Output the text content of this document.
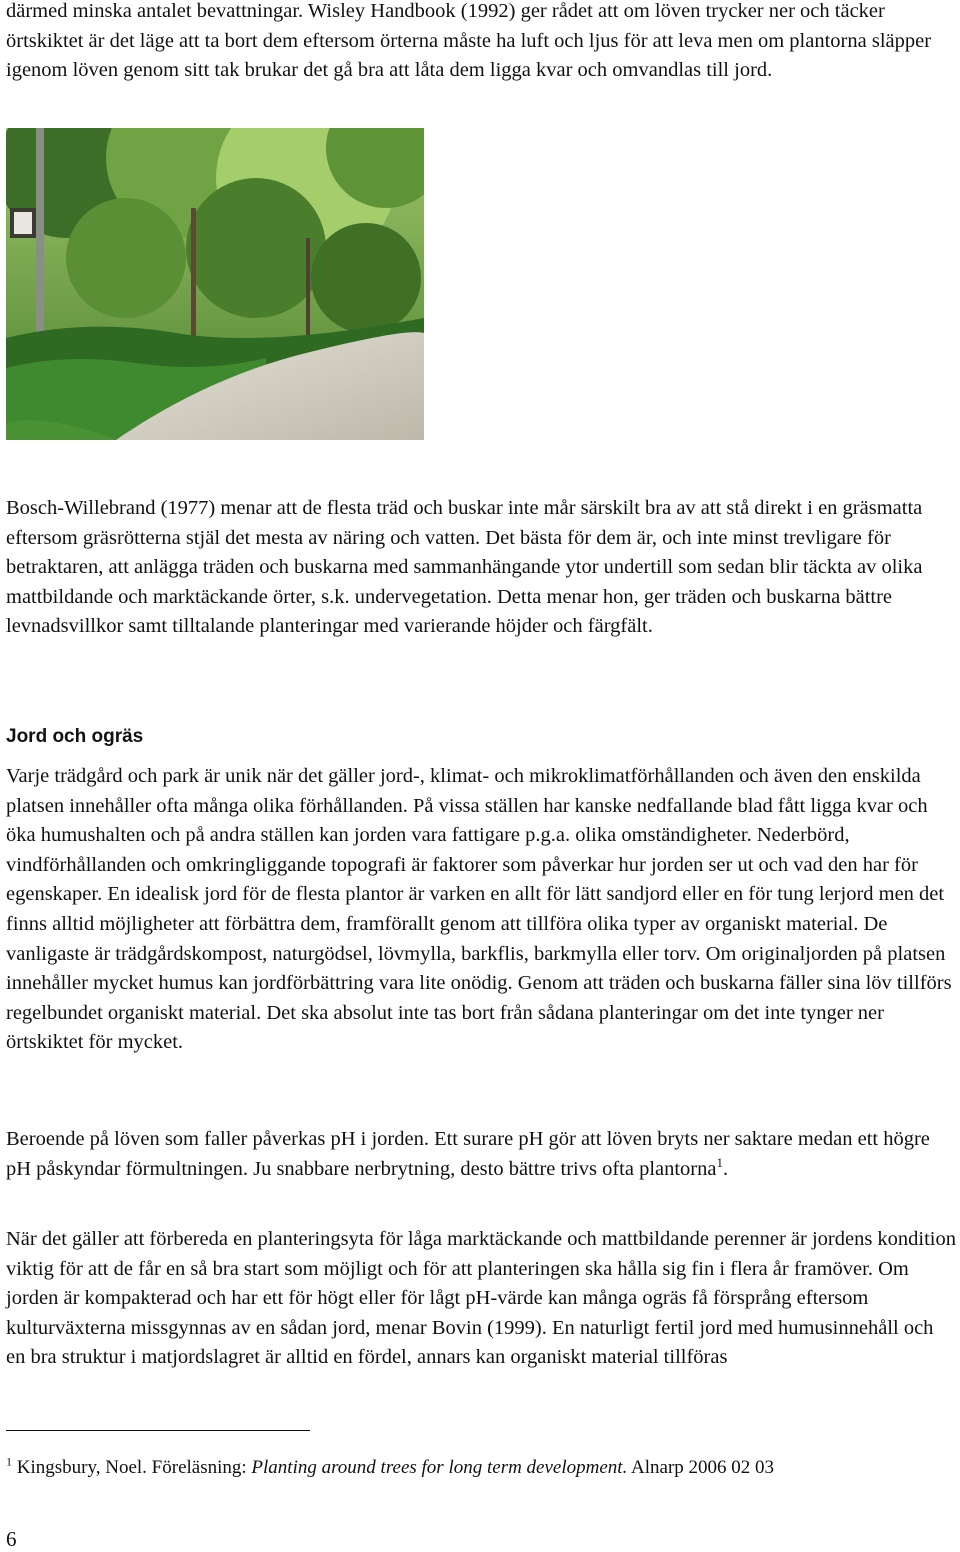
därmed minska antalet bevattningar. Wisley Handbook (1992) ger rådet att om löven trycker ner och täcker örtskiktet är det läge att ta bort dem eftersom örterna måste ha luft och ljus för att leva men om plantorna släpper igenom löven genom sitt tak brukar det gå bra att låta dem ligga kvar och omvandlas till jord.

Bosch-Willebrand (1977) menar att de flesta träd och buskar inte mår särskilt bra av att stå direkt i en gräsmatta eftersom gräsrötterna stjäl det mesta av näring och vatten. Det bästa för dem är, och inte minst trevligare för betraktaren, att anlägga träden och buskarna med sammanhängande ytor undertill som sedan blir täckta av olika mattbildande och marktäckande örter, s.k. undervegetation. Detta menar hon, ger träden och buskarna bättre levnadsvillkor samt tilltalande planteringar med varierande höjder och färgfält.

Jord och ogräs

Varje trädgård och park är unik när det gäller jord-, klimat- och mikroklimatförhållanden och även den enskilda platsen innehåller ofta många olika förhållanden. På vissa ställen har kanske nedfallande blad fått ligga kvar och öka humushalten och på andra ställen kan jorden vara fattigare p.g.a. olika omständigheter. Nederbörd, vindförhållanden och omkringliggande topografi är faktorer som påverkar hur jorden ser ut och vad den har för egenskaper. En idealisk jord för de flesta plantor är varken en allt för lätt sandjord eller en för tung lerjord men det finns alltid möjligheter att förbättra dem, framförallt genom att tillföra olika typer av organiskt material. De vanligaste är trädgårdskompost, naturgödsel, lövmylla, barkflis, barkmylla eller torv. Om originaljorden på platsen innehåller mycket humus kan jordförbättring vara lite onödig. Genom att träden och buskarna fäller sina löv tillförs regelbundet organiskt material. Det ska absolut inte tas bort från sådana planteringar om det inte tynger ner örtskiktet för mycket.

Beroende på löven som faller påverkas pH i jorden. Ett surare pH gör att löven bryts ner saktare medan ett högre pH påskyndar förmultningen. Ju snabbare nerbrytning, desto bättre trivs ofta plantorna$^1$.

När det gäller att förbereda en planteringsyta för låga marktäckande och mattbildande perenner är jordens kondition viktig för att de får en så bra start som möjligt och för att planteringen ska hålla sig fin i flera år framöver. Om jorden är kompakterad och har ett för högt eller för lågt pH-värde kan många ogräs få försprång eftersom kulturväxterna missgynnas av en sådan jord, menar Bovin (1999). En naturligt fertil jord med humusinnehåll och en bra struktur i matjordslagret är alltid en fördel, annars kan organiskt material tillföras

$^1$ Kingsbury, Noel. Föreläsning: Planting around trees for long term development. Alnarp 2006 02 03
6
